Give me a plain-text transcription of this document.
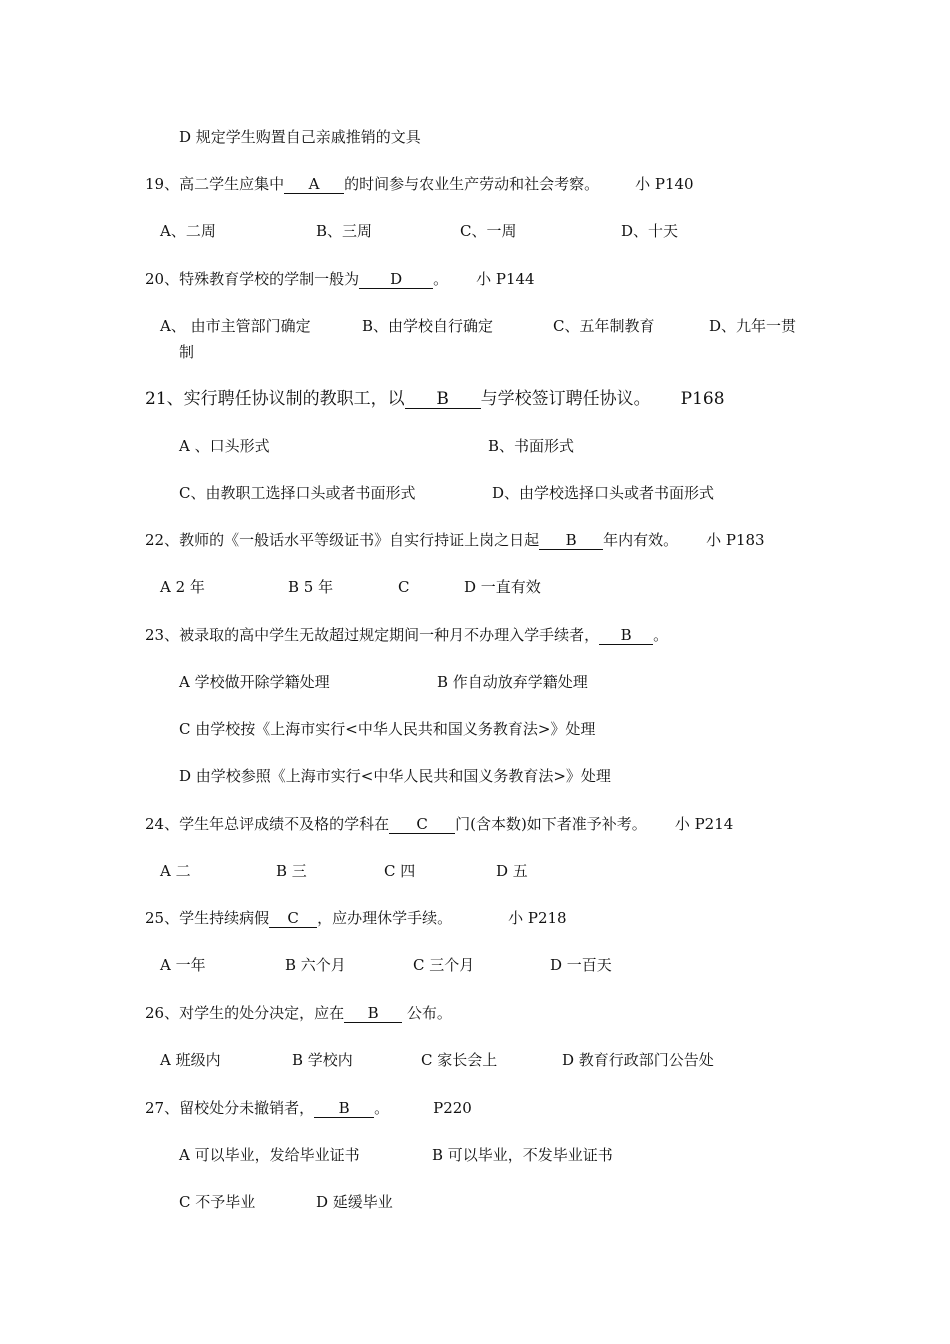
D 规定学生购置自己亲戚推销的文具
19、高二学生应集中 A 的时间参与农业生产劳动和社会考察。 小 P140
A、二周	B、三周	C、一周	D、十天
20、特殊教育学校的学制一般为 D 。 小 P144
A、 由市主管部门确定	B、由学校自行确定	C、五年制教育	D、九年一贯
制
21、实行聘任协议制的教职工，以 B 与学校签订聘任协议。 P168
A 、口头形式	B、书面形式
C、由教职工选择口头或者书面形式	D、由学校选择口头或者书面形式
22、教师的《一般话水平等级证书》自实行持证上岗之日起 B 年内有效。 小 P183
A 2 年	B 5 年	C	D 一直有效
23、被录取的高中学生无故超过规定期间一种月不办理入学手续者， B 。
A 学校做开除学籍处理	B 作自动放弃学籍处理
C 由学校按《上海市实行<中华人民共和国义务教育法>》处理
D 由学校参照《上海市实行<中华人民共和国义务教育法>》处理
24、学生年总评成绩不及格的学科在 C 门(含本数)如下者准予补考。 小 P214
A 二	B 三	C 四	D 五
25、学生持续病假 C ，应办理休学手续。	小 P218
A 一年	B 六个月	C 三个月	D 一百天
26、对学生的处分决定，应在 B 公布。
A 班级内	B 学校内	C 家长会上	D 教育行政部门公告处
27、留校处分未撤销者， B 。	P220
A 可以毕业，发给毕业证书	B 可以毕业，不发毕业证书
C 不予毕业	D 延缓毕业
